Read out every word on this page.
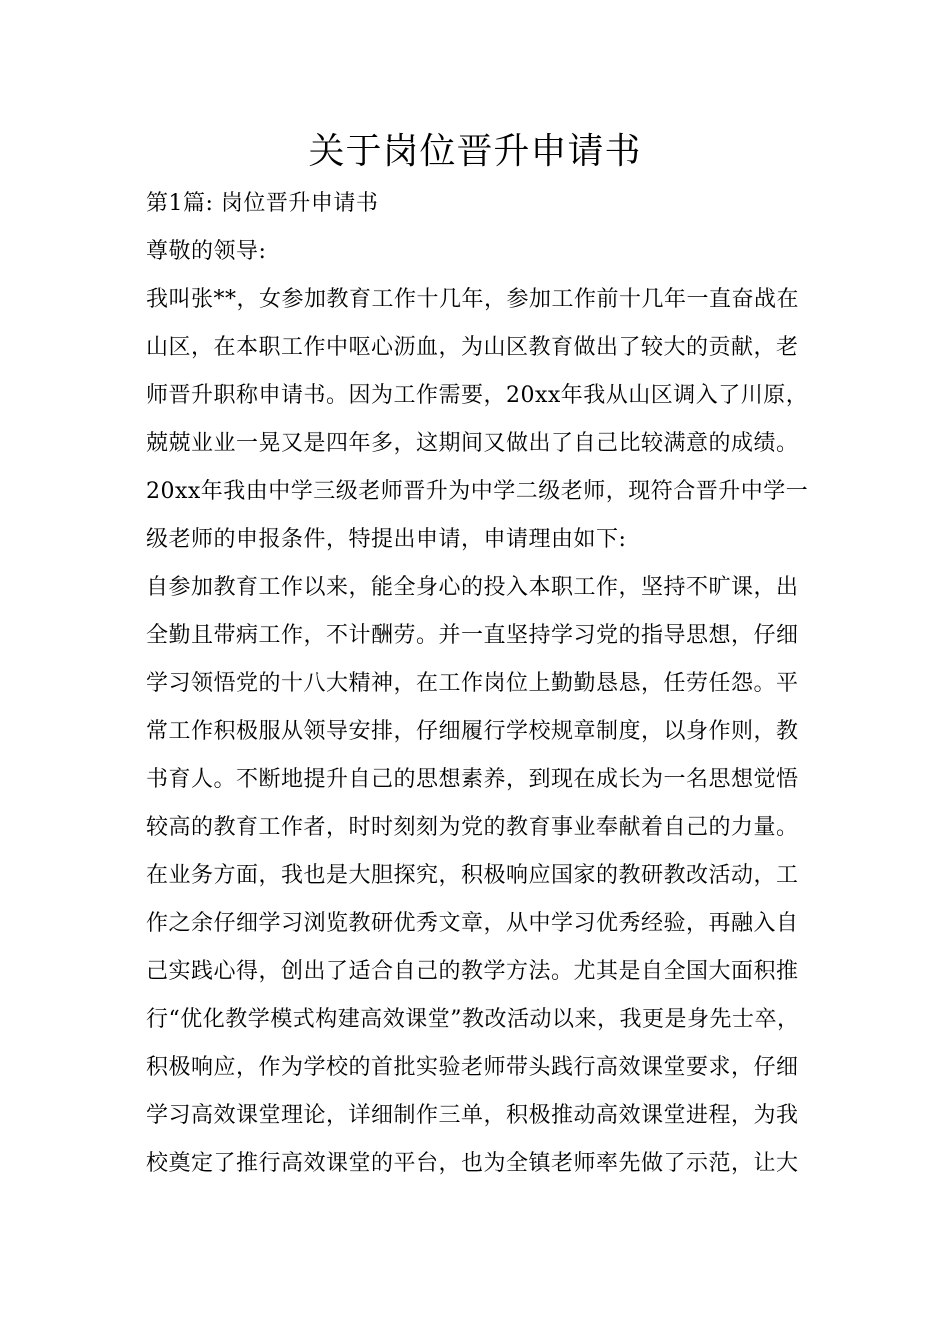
关于岗位晋升申请书
第1篇: 岗位晋升申请书
尊敬的领导:
我叫张**，女参加教育工作十几年，参加工作前十几年一直奋战在
山区，在本职工作中呕心沥血，为山区教育做出了较大的贡献，老
师晋升职称申请书。因为工作需要，20xx年我从山区调入了川原，
兢兢业业一晃又是四年多，这期间又做出了自己比较满意的成绩。
20xx年我由中学三级老师晋升为中学二级老师，现符合晋升中学一
级老师的申报条件，特提出申请，申请理由如下:
自参加教育工作以来，能全身心的投入本职工作，坚持不旷课，出
全勤且带病工作，不计酬劳。并一直坚持学习党的指导思想，仔细
学习领悟党的十八大精神，在工作岗位上勤勤恳恳，任劳任怨。平
常工作积极服从领导安排，仔细履行学校规章制度，以身作则，教
书育人。不断地提升自己的思想素养，到现在成长为一名思想觉悟
较高的教育工作者，时时刻刻为党的教育事业奉献着自己的力量。
在业务方面，我也是大胆探究，积极响应国家的教研教改活动，工
作之余仔细学习浏览教研优秀文章，从中学习优秀经验，再融入自
己实践心得，创出了适合自己的教学方法。尤其是自全国大面积推
行“优化教学模式构建高效课堂”教改活动以来，我更是身先士卒，
积极响应，作为学校的首批实验老师带头践行高效课堂要求，仔细
学习高效课堂理论，详细制作三单，积极推动高效课堂进程，为我
校奠定了推行高效课堂的平台，也为全镇老师率先做了示范，让大
